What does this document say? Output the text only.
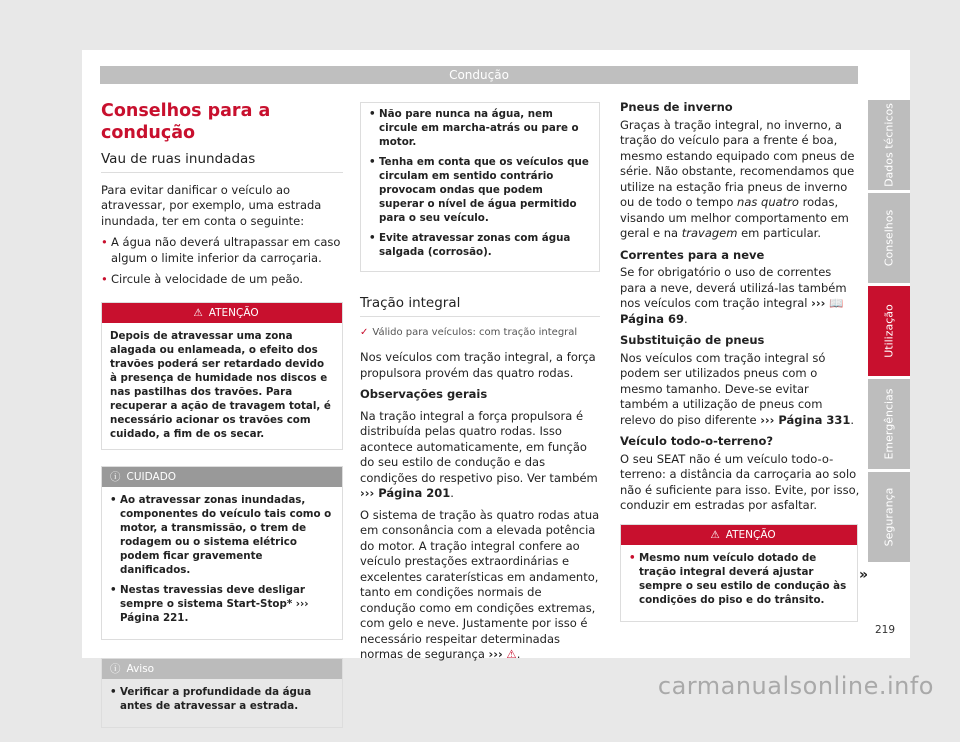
Condução
Conselhos para a condução
Vau de ruas inundadas

Para evitar danificar o veículo ao atravessar, por exemplo, uma estrada inundada, ter em conta o seguinte:

• A água não deverá ultrapassar em caso algum o limite inferior da carroçaria.
• Circule à velocidade de um peão.
⚠ ATENÇÃO
Depois de atravessar uma zona alagada ou enlameada, o efeito dos travões poderá ser retardado devido à presença de humidade nos discos e nas pastilhas dos travões. Para recuperar a ação de travagem total, é necessário acionar os travões com cuidado, a fim de os secar.
ⓘ CUIDADO
• Ao atravessar zonas inundadas, componentes do veículo tais como o motor, a transmissão, o trem de rodagem ou o sistema elétrico podem ficar gravemente danificados.
• Nestas travessias deve desligar sempre o sistema Start-Stop* ››› Página 221.
ⓘ Aviso
• Verificar a profundidade da água antes de atravessar a estrada.
• Não pare nunca na água, nem circule em marcha-atrás ou pare o motor.
• Tenha em conta que os veículos que circulam em sentido contrário provocam ondas que podem superar o nível de água permitido para o seu veículo.
• Evite atravessar zonas com água salgada (corrosão).
Tração integral
✓ Válido para veículos: com tração integral

Nos veículos com tração integral, a força propulsora provém das quatro rodas.

Observações gerais

Na tração integral a força propulsora é distribuída pelas quatro rodas. Isso acontece automaticamente, em função do seu estilo de condução e das condições do respetivo piso. Ver também ››› Página 201.

O sistema de tração às quatro rodas atua em consonância com a elevada potência do motor. A tração integral confere ao veículo prestações extraordinárias e excelentes caraterísticas em andamento, tanto em condições normais de condução como em condições extremas, com gelo e neve. Justamente por isso é necessário respeitar determinadas normas de segurança ››› ⚠.

Pneus de inverno

Graças à tração integral, no inverno, a tração do veículo para a frente é boa, mesmo estando equipado com pneus de série. Não obstante, recomendamos que utilize na estação fria pneus de inverno ou de todo o tempo nas quatro rodas, visando um melhor comportamento em geral e na travagem em particular.

Correntes para a neve

Se for obrigatório o uso de correntes para a neve, deverá utilizá-las também nos veículos com tração integral ››› 📖 Página 69.

Substituição de pneus

Nos veículos com tração integral só podem ser utilizados pneus com o mesmo tamanho. Deve-se evitar também a utilização de pneus com relevo do piso diferente ››› Página 331.

Veículo todo-o-terreno?

O seu SEAT não é um veículo todo-o-terreno: a distância da carroçaria ao solo não é suficiente para isso. Evite, por isso, conduzir em estradas por asfaltar.

⚠ ATENÇÃO
• Mesmo num veículo dotado de tração integral deverá ajustar sempre o seu estilo de condução às condições do piso e do trânsito.
»
Dados técnicos
Conselhos
Utilização
Emergências
Segurança
219
carmanualsonline.info
